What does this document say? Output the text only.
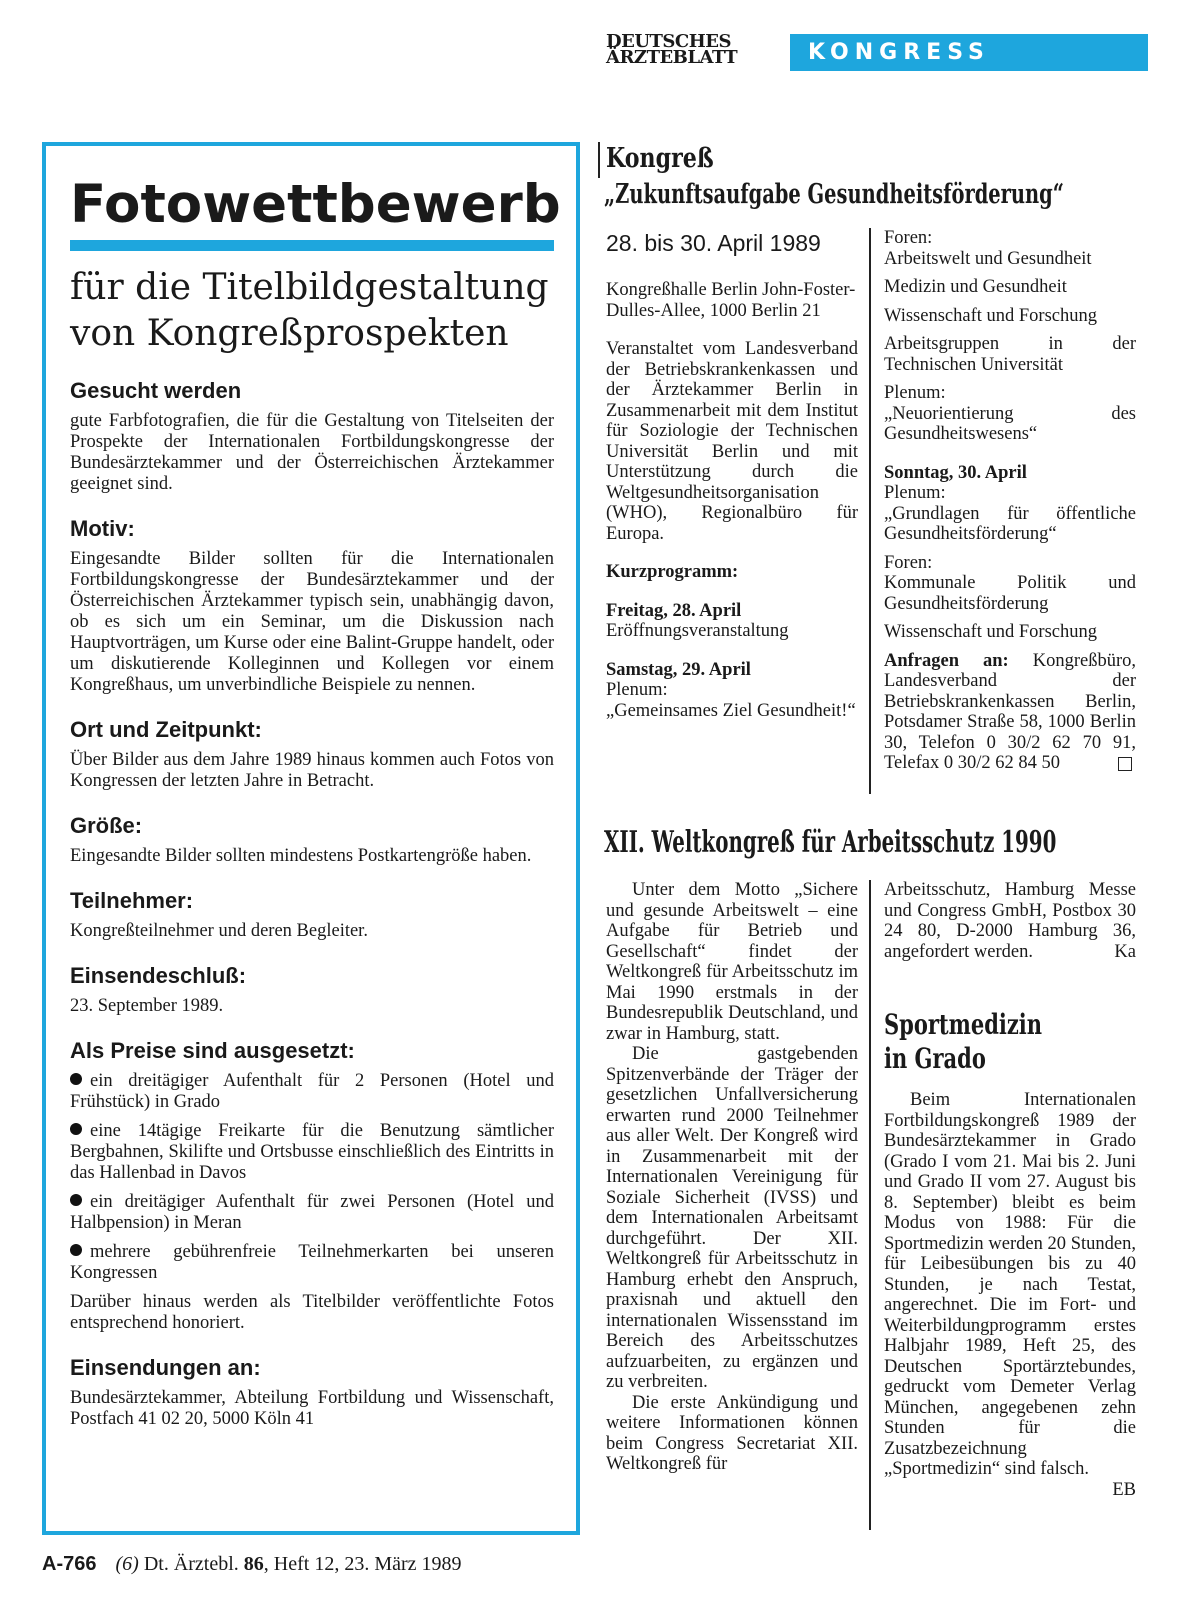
DEUTSCHES
ÄRZTEBLATT	KONGRESS AKTUELL
Fotowettbewerb
für die Titelbildgestaltung
von Kongreßprospekten
Gesucht werden

gute Farbfotografien, die für die Gestaltung von Titelseiten der Prospekte der Internationalen Fortbildungskongresse der Bundesärztekammer und der Österreichischen Ärztekammer geeignet sind.

Motiv:

Eingesandte Bilder sollten für die Internationalen Fortbildungskongresse der Bundesärztekammer und der Österreichischen Ärztekammer typisch sein, unabhängig davon, ob es sich um ein Seminar, um die Diskussion nach Hauptvorträgen, um Kurse oder eine Balint-Gruppe handelt, oder um diskutierende Kolleginnen und Kollegen vor einem Kongreßhaus, um unverbindliche Beispiele zu nennen.

Ort und Zeitpunkt:

Über Bilder aus dem Jahre 1989 hinaus kommen auch Fotos von Kongressen der letzten Jahre in Betracht.

Größe:

Eingesandte Bilder sollten mindestens Postkartengröße haben.

Teilnehmer:

Kongreßteilnehmer und deren Begleiter.

Einsendeschluß:

23. September 1989.

Als Preise sind ausgesetzt:
ein dreitägiger Aufenthalt für 2 Personen (Hotel und Frühstück) in Grado
eine 14tägige Freikarte für die Benutzung sämtlicher Bergbahnen, Skilifte und Ortsbusse einschließlich des Eintritts in das Hallenbad in Davos
ein dreitägiger Aufenthalt für zwei Personen (Hotel und Halbpension) in Meran
mehrere gebührenfreie Teilnehmerkarten bei unseren Kongressen

Darüber hinaus werden als Titelbilder veröffentlichte Fotos entsprechend honoriert.

Einsendungen an:

Bundesärztekammer, Abteilung Fortbildung und Wissenschaft, Postfach 41 02 20, 5000 Köln 41

Kongreß
„Zukunftsaufgabe Gesundheitsförderung“
28. bis 30. April 1989

Kongreßhalle Berlin John-Foster-Dulles-Allee, 1000 Berlin 21

Veranstaltet vom Landesverband der Betriebskrankenkassen und der Ärztekammer Berlin in Zusammenarbeit mit dem Institut für Soziologie der Technischen Universität Berlin und mit Unterstützung durch die Weltgesundheitsorganisation (WHO), Regionalbüro für Europa.

Kurzprogramm:

Freitag, 28. April

Eröffnungsveranstaltung

Samstag, 29. April
Plenum:

„Gemeinsames Ziel Gesundheit!“

Foren:

Arbeitswelt und Gesundheit

Medizin und Gesundheit

Wissenschaft und Forschung

Arbeitsgruppen in der Technischen Universität

Plenum:

„Neuorientierung des Gesundheitswesens“

Sonntag, 30. April
Plenum:

„Grundlagen für öffentliche Gesundheitsförderung“

Foren:

Kommunale Politik und Gesundheitsförderung

Wissenschaft und Forschung

Anfragen an: Kongreßbüro, Landesverband der Betriebskrankenkassen Berlin, Potsdamer Straße 58, 1000 Berlin 30, Telefon 0 30/2 62 70 91, Telefax 0 30/2 62 84 50

XII. Weltkongreß für Arbeitsschutz 1990

Unter dem Motto „Sichere und gesunde Arbeitswelt – eine Aufgabe für Betrieb und Gesellschaft“ findet der Weltkongreß für Arbeitsschutz im Mai 1990 erstmals in der Bundesrepublik Deutschland, und zwar in Hamburg, statt.

Die gastgebenden Spitzenverbände der Träger der gesetzlichen Unfallversicherung erwarten rund 2000 Teilnehmer aus aller Welt. Der Kongreß wird in Zusammenarbeit mit der Internationalen Vereinigung für Soziale Sicherheit (IVSS) und dem Internationalen Arbeitsamt durchgeführt. Der XII. Weltkongreß für Arbeitsschutz in Hamburg erhebt den Anspruch, praxisnah und aktuell den internationalen Wissensstand im Bereich des Arbeitsschutzes aufzuarbeiten, zu ergänzen und zu verbreiten.

Die erste Ankündigung und weitere Informationen können beim Congress Secretariat XII. Weltkongreß für

Arbeitsschutz, Hamburg Messe und Congress GmbH, Postbox 30 24 80, D-2000 Hamburg 36, angefordert werden.	Ka

Sportmedizin
in Grado

Beim Internationalen Fortbildungskongreß 1989 der Bundesärztekammer in Grado (Grado I vom 21. Mai bis 2. Juni und Grado II vom 27. August bis 8. September) bleibt es beim Modus von 1988: Für die Sportmedizin werden 20 Stunden, für Leibesübungen bis zu 40 Stunden, je nach Testat, angerechnet. Die im Fort- und Weiterbildungprogramm erstes Halbjahr 1989, Heft 25, des Deutschen Sportärztebundes, gedruckt vom Demeter Verlag München, angegebenen zehn Stunden für die Zusatzbezeichnung „Sportmedizin“ sind falsch.
EB

A-766 (6) Dt. Ärztebl. 86, Heft 12, 23. März 1989
